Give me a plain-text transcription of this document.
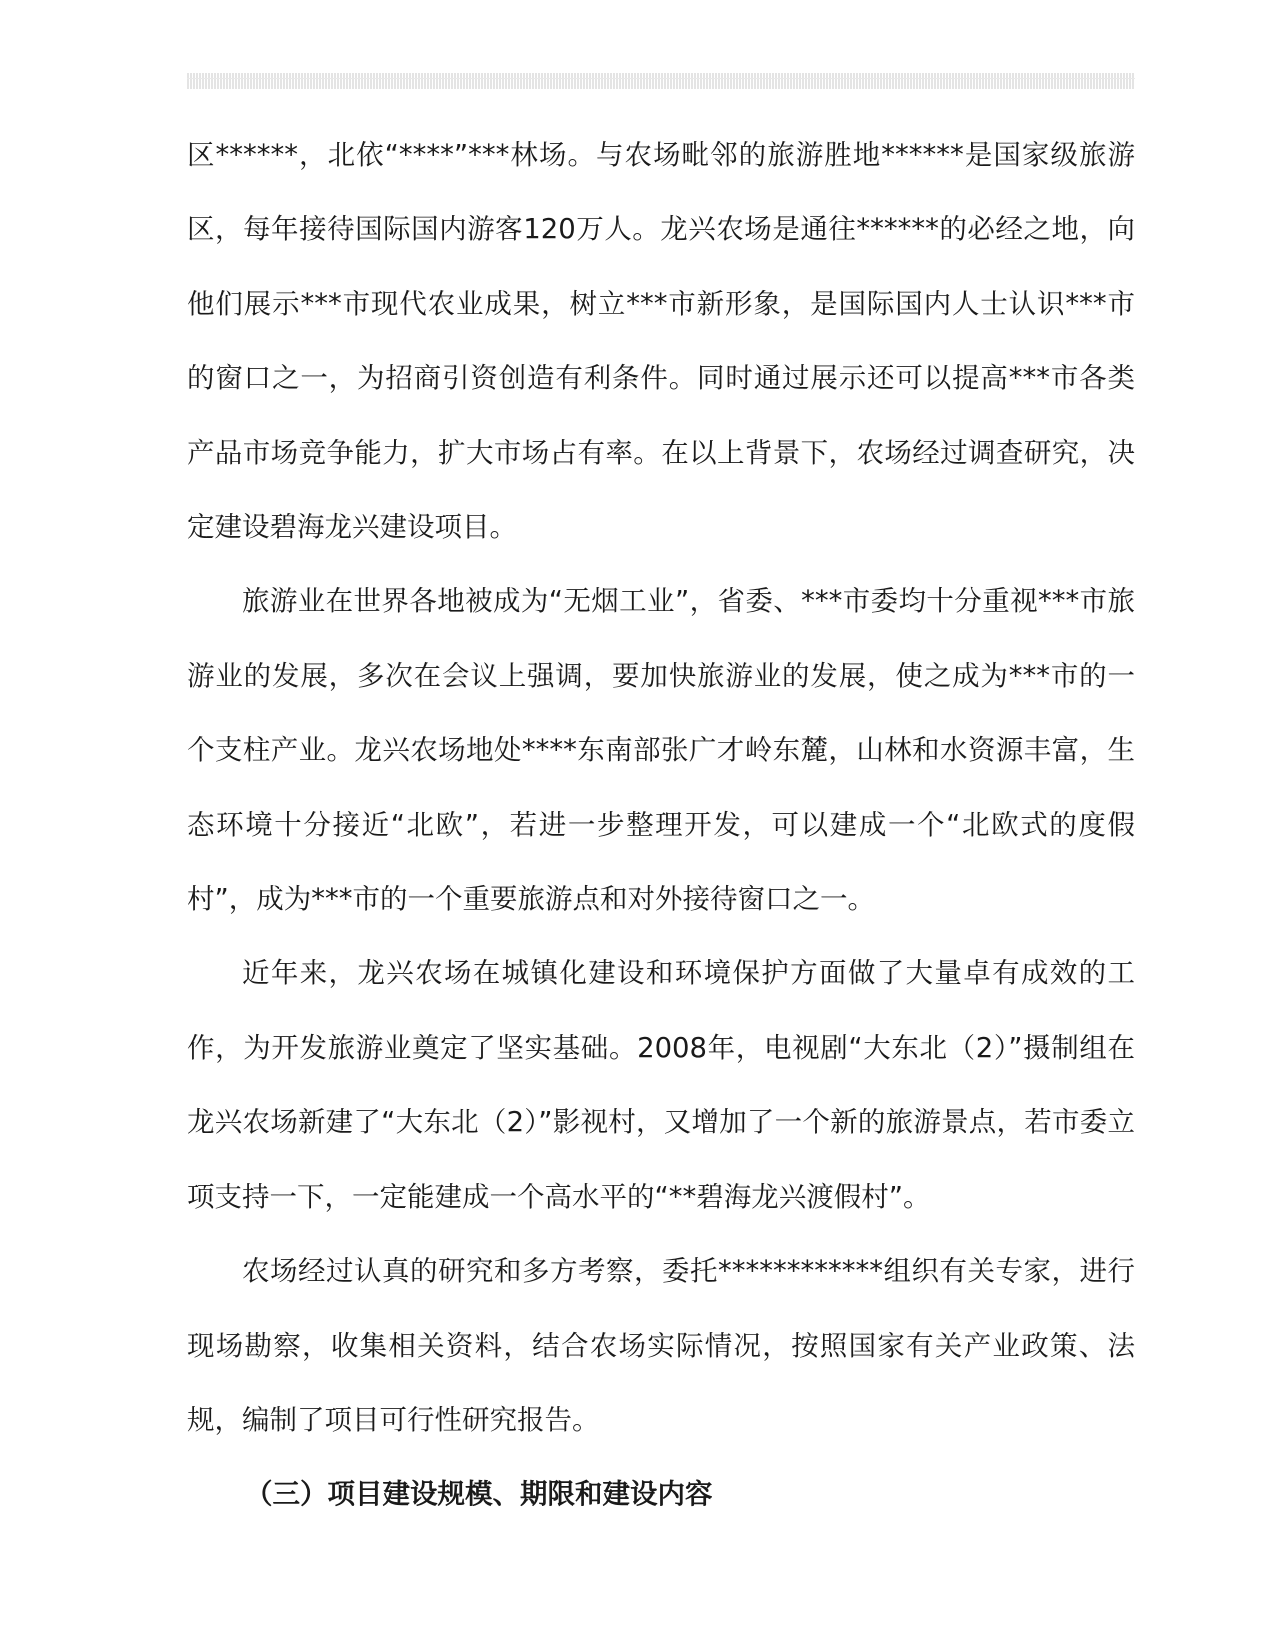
区******，北依“****”***林场。与农场毗邻的旅游胜地******是国家级旅游区，每年接待国际国内游客120万人。龙兴农场是通往******的必经之地，向他们展示***市现代农业成果，树立***市新形象，是国际国内人士认识***市的窗口之一，为招商引资创造有利条件。同时通过展示还可以提高***市各类产品市场竞争能力，扩大市场占有率。在以上背景下，农场经过调查研究，决定建设碧海龙兴建设项目。

旅游业在世界各地被成为“无烟工业”，省委、***市委均十分重视***市旅游业的发展，多次在会议上强调，要加快旅游业的发展，使之成为***市的一个支柱产业。龙兴农场地处****东南部张广才岭东麓，山林和水资源丰富，生态环境十分接近“北欧”，若进一步整理开发，可以建成一个“北欧式的度假村”，成为***市的一个重要旅游点和对外接待窗口之一。

近年来，龙兴农场在城镇化建设和环境保护方面做了大量卓有成效的工作，为开发旅游业奠定了坚实基础。2008年，电视剧“大东北（2）”摄制组在龙兴农场新建了“大东北（2）”影视村，又增加了一个新的旅游景点，若市委立项支持一下，一定能建成一个高水平的“**碧海龙兴渡假村”。

农场经过认真的研究和多方考察，委托************组织有关专家，进行现场勘察，收集相关资料，结合农场实际情况，按照国家有关产业政策、法规，编制了项目可行性研究报告。

（三）项目建设规模、期限和建设内容
